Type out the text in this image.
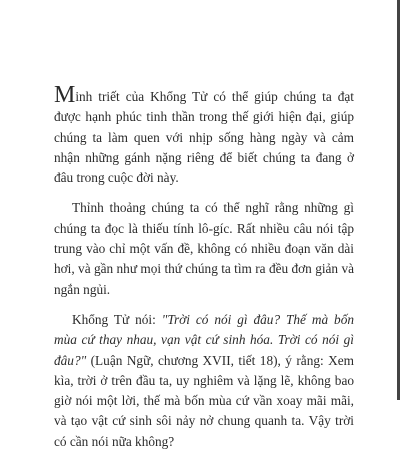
Minh triết của Khổng Tử có thể giúp chúng ta đạt được hạnh phúc tinh thần trong thế giới hiện đại, giúp chúng ta làm quen với nhịp sống hàng ngày và cảm nhận những gánh nặng riêng để biết chúng ta đang ở đâu trong cuộc đời này.

Thỉnh thoảng chúng ta có thể nghĩ rằng những gì chúng ta đọc là thiếu tính lô-gíc. Rất nhiều câu nói tập trung vào chỉ một vấn đề, không có nhiều đoạn văn dài hơi, và gần như mọi thứ chúng ta tìm ra đều đơn giản và ngắn ngủi.

Khổng Tử nói: "Trời có nói gì đâu? Thế mà bốn mùa cứ thay nhau, vạn vật cứ sinh hóa. Trời có nói gì đâu?" (Luận Ngữ, chương XVII, tiết 18), ý rằng: Xem kìa, trời ở trên đầu ta, uy nghiêm và lặng lẽ, không bao giờ nói một lời, thế mà bốn mùa cứ vần xoay mãi mãi, và tạo vật cứ sinh sôi nảy nở chung quanh ta. Vậy trời có cần nói nữa không?
